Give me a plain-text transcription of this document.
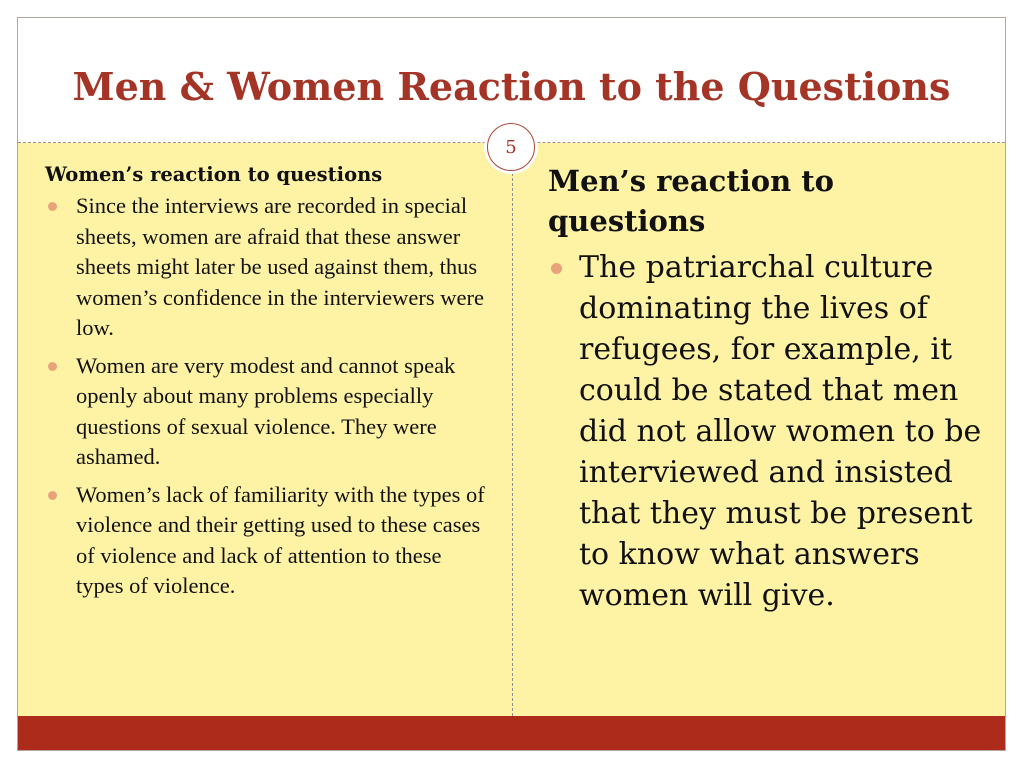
Men & Women Reaction to the Questions
5
Women’s reaction to questions
Since the interviews are recorded in special sheets, women are afraid that these answer sheets might later be used against them, thus women’s confidence in the interviewers were low.
Women are very modest and cannot speak openly about many problems especially questions of sexual violence. They were ashamed.
Women’s lack of familiarity with the types of violence and their getting used to these cases of violence and lack of attention to these types of violence.
Men’s reaction to questions
The patriarchal culture dominating the lives of refugees, for example, it could be stated that men did not allow women to be interviewed and insisted that they must be present to know what answers women will give.
